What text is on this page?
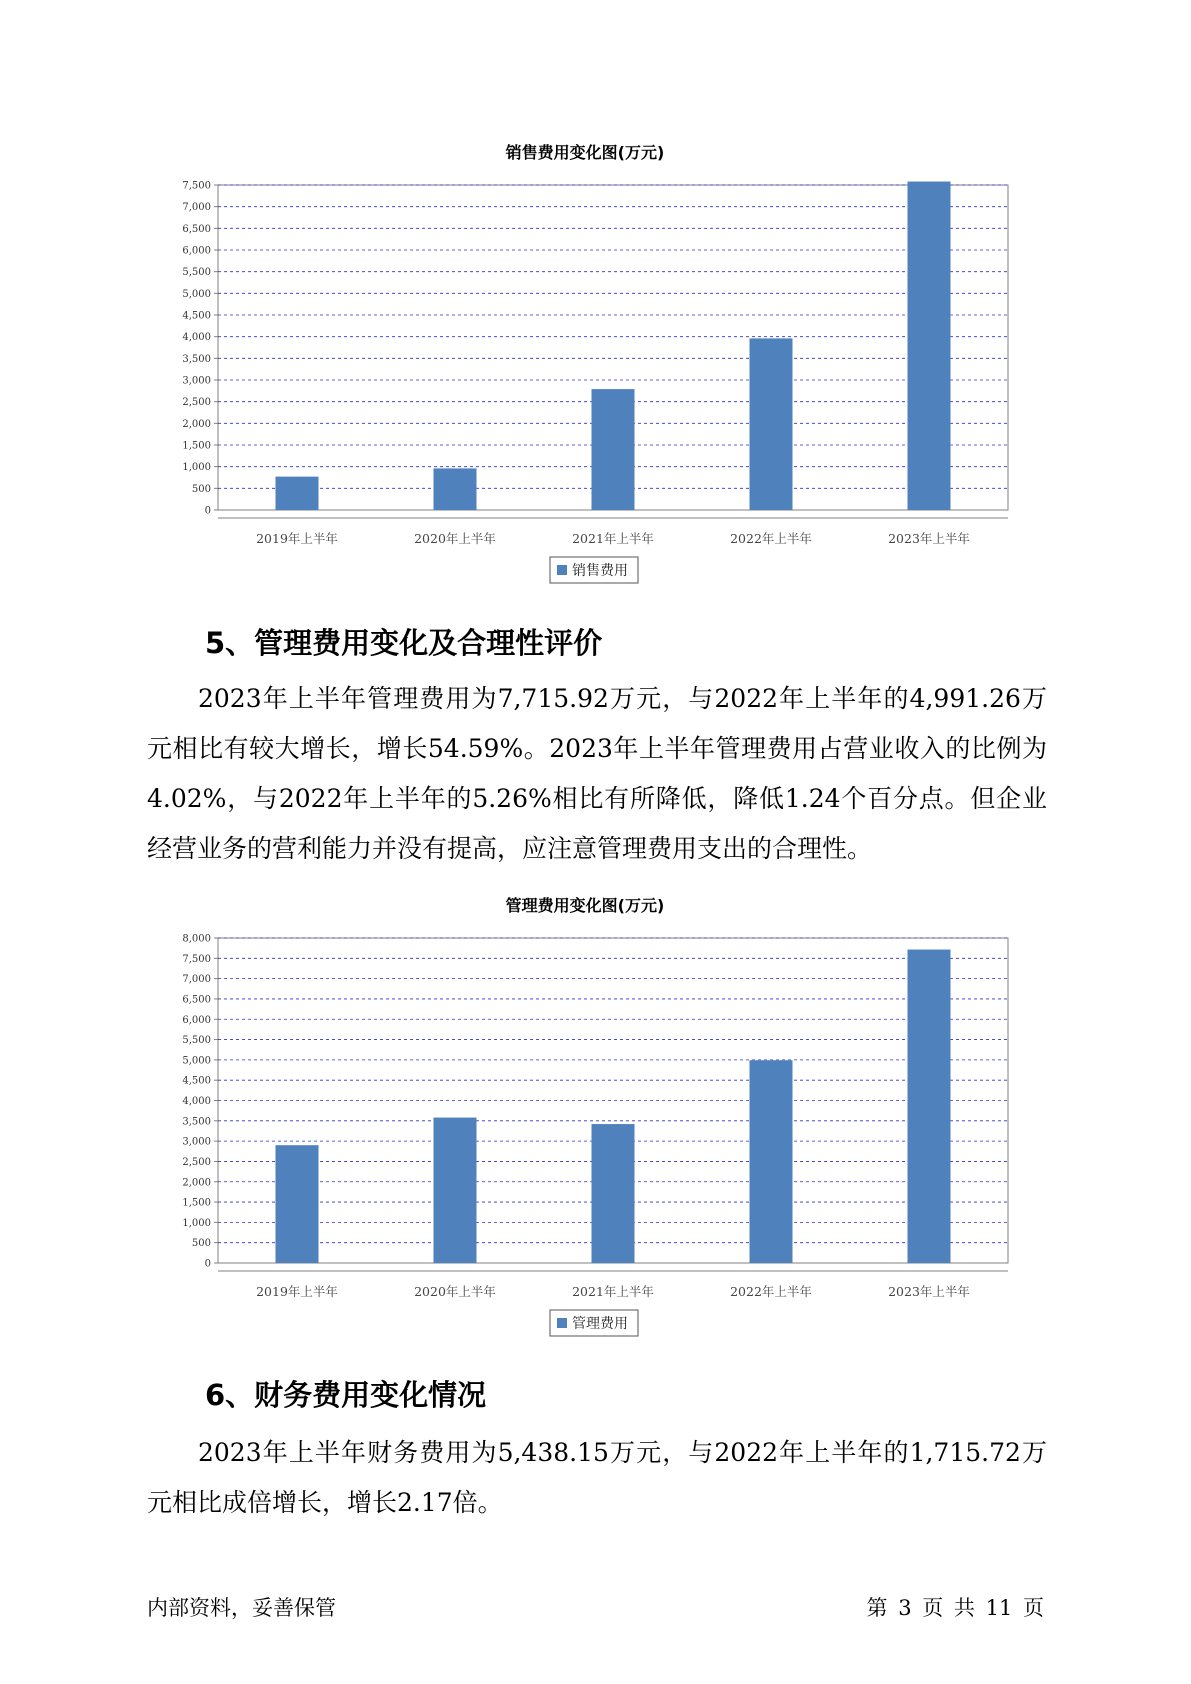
销售费用变化图(万元)
0
500
1,000
1,500
2,000
2,500
3,000
3,500
4,000
4,500
5,000
5,500
6,000
6,500
7,000
7,500
2019年上半年	2020年上半年	2021年上半年	2022年上半年	2023年上半年
销售费用
5、管理费用变化及合理性评价

2023年上半年管理费用为7,715.92万元，与2022年上半年的4,991.26万元相比有较大增长，增长54.59%。2023年上半年管理费用占营业收入的比例为4.02%，与2022年上半年的5.26%相比有所降低，降低1.24个百分点。但企业经营业务的营利能力并没有提高，应注意管理费用支出的合理性。

管理费用变化图(万元)
0
500
1,000
1,500
2,000
2,500
3,000
3,500
4,000
4,500
5,000
5,500
6,000
6,500
7,000
7,500
8,000
2019年上半年	2020年上半年	2021年上半年	2022年上半年	2023年上半年
管理费用
6、财务费用变化情况

2023年上半年财务费用为5,438.15万元，与2022年上半年的1,715.72万元相比成倍增长，增长2.17倍。

内部资料，妥善保管	第 3 页 共 11 页
